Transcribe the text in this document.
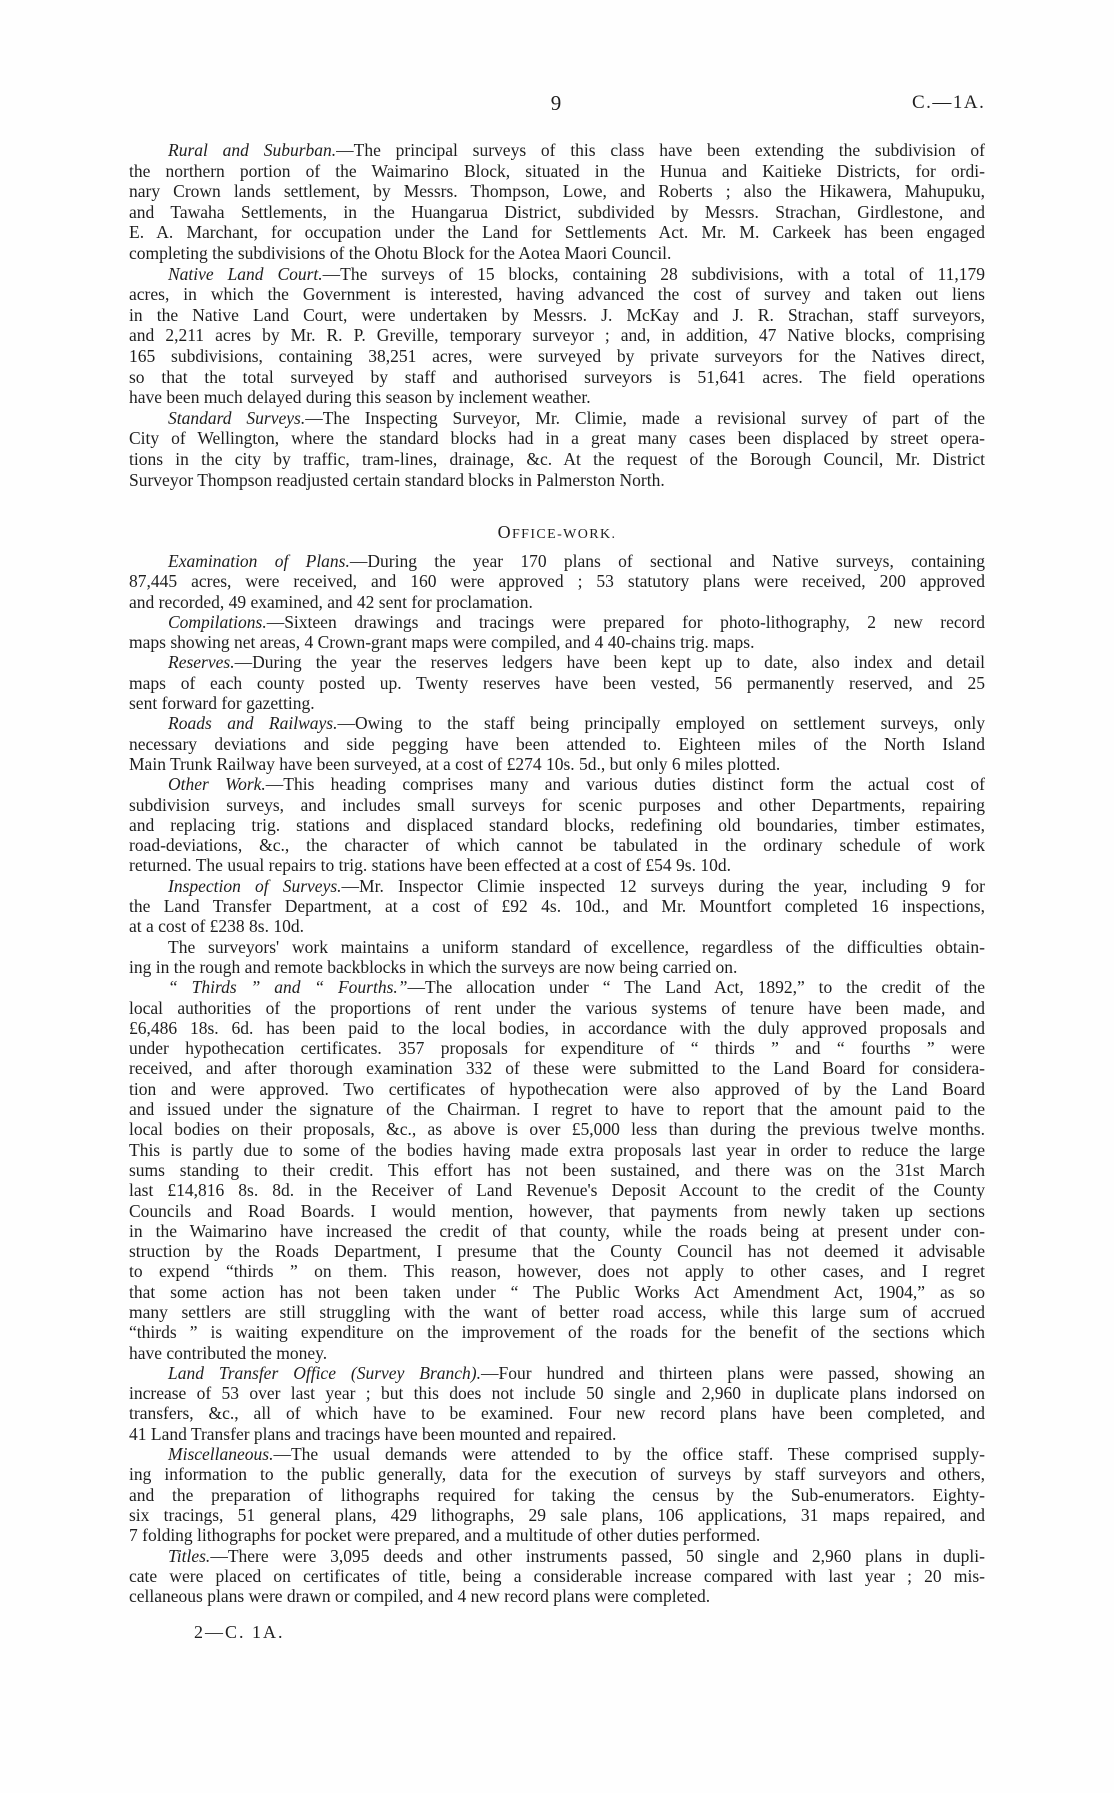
9	C.—1A.
Rural and Suburban.—The principal surveys of this class have been extending the subdivision of
the northern portion of the Waimarino Block, situated in the Hunua and Kaitieke Districts, for ordi-
nary Crown lands settlement, by Messrs. Thompson, Lowe, and Roberts ; also the Hikawera, Mahupuku,
and Tawaha Settlements, in the Huangarua District, subdivided by Messrs. Strachan, Girdlestone, and
E. A. Marchant, for occupation under the Land for Settlements Act. Mr. M. Carkeek has been engaged
completing the subdivisions of the Ohotu Block for the Aotea Maori Council.
Native Land Court.—The surveys of 15 blocks, containing 28 subdivisions, with a total of 11,179
acres, in which the Government is interested, having advanced the cost of survey and taken out liens
in the Native Land Court, were undertaken by Messrs. J. McKay and J. R. Strachan, staff surveyors,
and 2,211 acres by Mr. R. P. Greville, temporary surveyor ; and, in addition, 47 Native blocks, comprising
165 subdivisions, containing 38,251 acres, were surveyed by private surveyors for the Natives direct,
so that the total surveyed by staff and authorised surveyors is 51,641 acres. The field operations
have been much delayed during this season by inclement weather.
Standard Surveys.—The Inspecting Surveyor, Mr. Climie, made a revisional survey of part of the
City of Wellington, where the standard blocks had in a great many cases been displaced by street opera-
tions in the city by traffic, tram-lines, drainage, &c. At the request of the Borough Council, Mr. District
Surveyor Thompson readjusted certain standard blocks in Palmerston North.
OFFICE-WORK.
Examination of Plans.—During the year 170 plans of sectional and Native surveys, containing
87,445 acres, were received, and 160 were approved ; 53 statutory plans were received, 200 approved
and recorded, 49 examined, and 42 sent for proclamation.
Compilations.—Sixteen drawings and tracings were prepared for photo-lithography, 2 new record
maps showing net areas, 4 Crown-grant maps were compiled, and 4 40-chains trig. maps.
Reserves.—During the year the reserves ledgers have been kept up to date, also index and detail
maps of each county posted up. Twenty reserves have been vested, 56 permanently reserved, and 25
sent forward for gazetting.
Roads and Railways.—Owing to the staff being principally employed on settlement surveys, only
necessary deviations and side pegging have been attended to. Eighteen miles of the North Island
Main Trunk Railway have been surveyed, at a cost of £274 10s. 5d., but only 6 miles plotted.
Other Work.—This heading comprises many and various duties distinct form the actual cost of
subdivision surveys, and includes small surveys for scenic purposes and other Departments, repairing
and replacing trig. stations and displaced standard blocks, redefining old boundaries, timber estimates,
road-deviations, &c., the character of which cannot be tabulated in the ordinary schedule of work
returned. The usual repairs to trig. stations have been effected at a cost of £54 9s. 10d.
Inspection of Surveys.—Mr. Inspector Climie inspected 12 surveys during the year, including 9 for
the Land Transfer Department, at a cost of £92 4s. 10d., and Mr. Mountfort completed 16 inspections,
at a cost of £238 8s. 10d.
The surveyors' work maintains a uniform standard of excellence, regardless of the difficulties obtain-
ing in the rough and remote backblocks in which the surveys are now being carried on.
“ Thirds ” and “ Fourths.”—The allocation under “ The Land Act, 1892,” to the credit of the
local authorities of the proportions of rent under the various systems of tenure have been made, and
£6,486 18s. 6d. has been paid to the local bodies, in accordance with the duly approved proposals and
under hypothecation certificates. 357 proposals for expenditure of “ thirds ” and “ fourths ” were
received, and after thorough examination 332 of these were submitted to the Land Board for considera-
tion and were approved. Two certificates of hypothecation were also approved of by the Land Board
and issued under the signature of the Chairman. I regret to have to report that the amount paid to the
local bodies on their proposals, &c., as above is over £5,000 less than during the previous twelve months.
This is partly due to some of the bodies having made extra proposals last year in order to reduce the large
sums standing to their credit. This effort has not been sustained, and there was on the 31st March
last £14,816 8s. 8d. in the Receiver of Land Revenue's Deposit Account to the credit of the County
Councils and Road Boards. I would mention, however, that payments from newly taken up sections
in the Waimarino have increased the credit of that county, while the roads being at present under con-
struction by the Roads Department, I presume that the County Council has not deemed it advisable
to expend “thirds ” on them. This reason, however, does not apply to other cases, and I regret
that some action has not been taken under “ The Public Works Act Amendment Act, 1904,” as so
many settlers are still struggling with the want of better road access, while this large sum of accrued
“thirds ” is waiting expenditure on the improvement of the roads for the benefit of the sections which
have contributed the money.
Land Transfer Office (Survey Branch).—Four hundred and thirteen plans were passed, showing an
increase of 53 over last year ; but this does not include 50 single and 2,960 in duplicate plans indorsed on
transfers, &c., all of which have to be examined. Four new record plans have been completed, and
41 Land Transfer plans and tracings have been mounted and repaired.
Miscellaneous.—The usual demands were attended to by the office staff. These comprised supply-
ing information to the public generally, data for the execution of surveys by staff surveyors and others,
and the preparation of lithographs required for taking the census by the Sub-enumerators. Eighty-
six tracings, 51 general plans, 429 lithographs, 29 sale plans, 106 applications, 31 maps repaired, and
7 folding lithographs for pocket were prepared, and a multitude of other duties performed.
Titles.—There were 3,095 deeds and other instruments passed, 50 single and 2,960 plans in dupli-
cate were placed on certificates of title, being a considerable increase compared with last year ; 20 mis-
cellaneous plans were drawn or compiled, and 4 new record plans were completed.
2—C. 1A.
